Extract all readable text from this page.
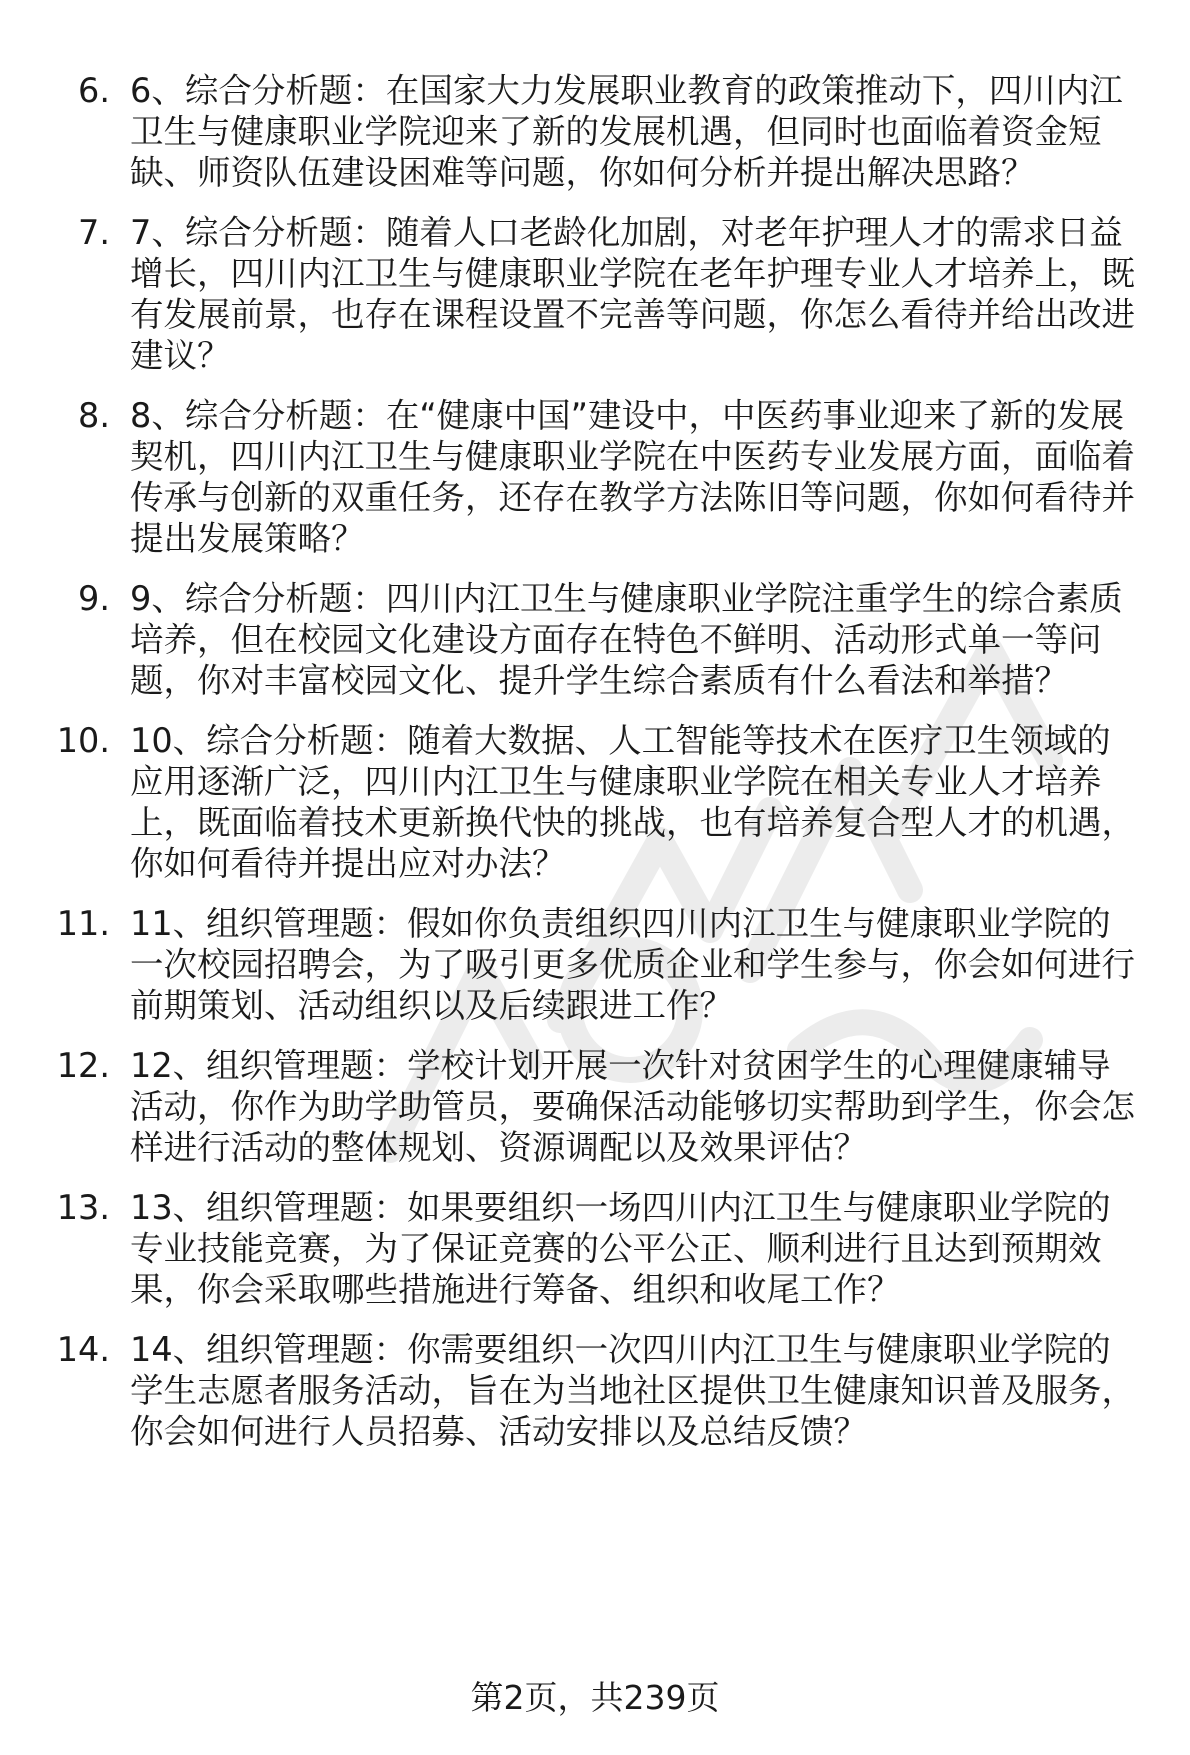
6. 6、综合分析题：在国家大力发展职业教育的政策推动下，四川内江卫生与健康职业学院迎来了新的发展机遇，但同时也面临着资金短缺、师资队伍建设困难等问题，你如何分析并提出解决思路？
7. 7、综合分析题：随着人口老龄化加剧，对老年护理人才的需求日益增长，四川内江卫生与健康职业学院在老年护理专业人才培养上，既有发展前景，也存在课程设置不完善等问题，你怎么看待并给出改进建议？
8. 8、综合分析题：在“健康中国”建设中，中医药事业迎来了新的发展契机，四川内江卫生与健康职业学院在中医药专业发展方面，面临着传承与创新的双重任务，还存在教学方法陈旧等问题，你如何看待并提出发展策略？
9. 9、综合分析题：四川内江卫生与健康职业学院注重学生的综合素质培养，但在校园文化建设方面存在特色不鲜明、活动形式单一等问题，你对丰富校园文化、提升学生综合素质有什么看法和举措？
10. 10、综合分析题：随着大数据、人工智能等技术在医疗卫生领域的应用逐渐广泛，四川内江卫生与健康职业学院在相关专业人才培养上，既面临着技术更新换代快的挑战，也有培养复合型人才的机遇，你如何看待并提出应对办法？
11. 11、组织管理题：假如你负责组织四川内江卫生与健康职业学院的一次校园招聘会，为了吸引更多优质企业和学生参与，你会如何进行前期策划、活动组织以及后续跟进工作？
12. 12、组织管理题：学校计划开展一次针对贫困学生的心理健康辅导活动，你作为助学助管员，要确保活动能够切实帮助到学生，你会怎样进行活动的整体规划、资源调配以及效果评估？
13. 13、组织管理题：如果要组织一场四川内江卫生与健康职业学院的专业技能竞赛，为了保证竞赛的公平公正、顺利进行且达到预期效果，你会采取哪些措施进行筹备、组织和收尾工作？
14. 14、组织管理题：你需要组织一次四川内江卫生与健康职业学院的学生志愿者服务活动，旨在为当地社区提供卫生健康知识普及服务，你会如何进行人员招募、活动安排以及总结反馈？
第2页，共239页
